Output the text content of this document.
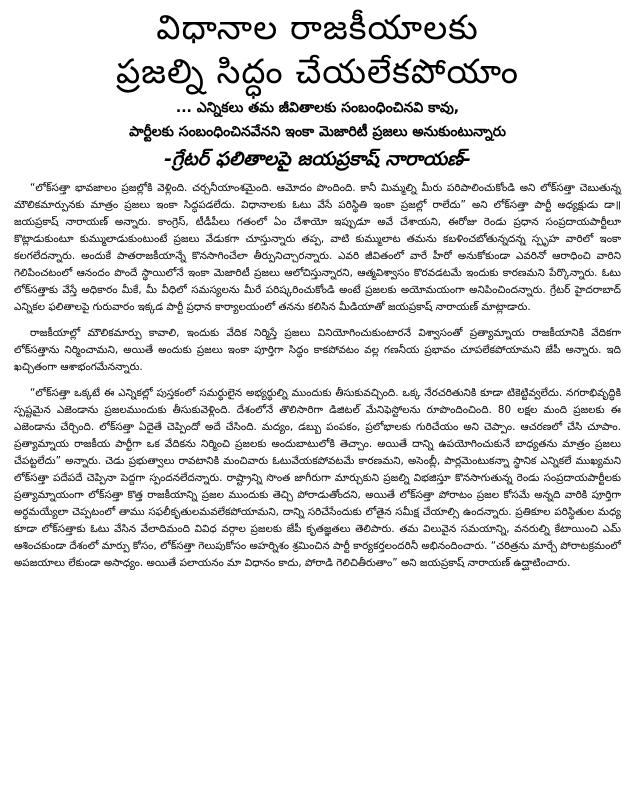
విధానాల రాజకీయాలకు
ప్రజల్ని సిద్ధం చేయలేకపోయాం
... ఎన్నికలు తమ జీవితాలకు సంబంధించినవి కావు,
పార్టీలకు సంబంధించినవేనని ఇంకా మెజారిటీ ప్రజలు అనుకుంటున్నారు
-గ్రేటర్ ఫలితాలపై జయప్రకాష్ నారాయణ్-

“లోక్‌సత్తా భావజాలం ప్రజల్లోకి వెళ్లింది. చర్చనీయాంశమైంది. ఆమోదం పొందింది. కానీ మిమ్మల్ని మీరు పరిపాలించుకోండి అని లోక్‌సత్తా చెబుతున్న మౌలికమార్పునకు మాత్రం ప్రజలు ఇంకా సిద్ధపడలేదు. విధానాలకు ఓటు వేసే పరిస్థితి ఇంకా ప్రజల్లో రాలేదు” అని లోక్‌సత్తా పార్టీ అధ్యక్షుడు డా॥ జయప్రకాష్ నారాయణ్ అన్నారు. కాంగ్రెస్, టీడీపీలు గతంలో ఏం చేశాయో ఇప్పుడూ అవే చేశాయని, ఈరోజు రెండు ప్రధాన సంప్రదాయపార్టీలూ కొట్లాడుకుంటూ కుమ్ములాడుకుంటుంటే ప్రజలు వేడుకగా చూస్తున్నారు తప్ప, వాటి కుమ్ములాట తమను కబళించబోతున్నదన్న స్పృహ వారిలో ఇంకా కలగలేదన్నారు. అందుకే పాతరాజకీయాన్నే కొనసాగించేలా తీర్పునిచ్చారన్నారు. ఎవరి జీవితంలో వారే హీరో అనుకోకుండా ఎవరినో ఆరాధించి వారిని గెలిపించటంలో ఆనందం పొందే స్థాయిలోనే ఇంకా మెజారిటీ ప్రజలు ఆలోచిస్తున్నారని, ఆత్మవిశ్వాసం కొరవడటమే ఇందుకు కారణమని పేర్కొన్నారు. ఓటు లోక్‌సత్తాకు వేస్తే అధికారం మీకే, మీ వీధిలో సమస్యలను మీరే పరిష్కరించుకోండి అంటే ప్రజలకు అయోమయంగా అనిపించిందన్నారు. గ్రేటర్ హైదరాబాద్ ఎన్నికల ఫలితాలపై గురువారం ఇక్కడ పార్టీ ప్రధాన కార్యాలయంలో తనను కలిసిన మీడియాతో జయప్రకాష్ నారాయణ్ మాట్లాడారు.

రాజకీయాల్లో మౌలికమార్పు కావాలి, ఇందుకు వేదిక నిర్మిస్తే ప్రజలు వినియోగించుకుంటారనే విశ్వాసంతో ప్రత్యామ్నాయ రాజకీయానికి వేదికగా లోక్‌సత్తాను నిర్మించామని, అయితే అందుకు ప్రజలు ఇంకా పూర్తిగా సిద్ధం కాకపోవటం వల్ల గణనీయ ప్రభావం చూపలేకపోయామని జేపీ అన్నారు. ఇది ఖచ్చితంగా ఆశాభంగమేనన్నారు.

“లోక్‌సత్తా ఒక్కటే ఈ ఎన్నికల్లో పుస్తకంలో సమర్థులైన అభ్యర్థుల్ని ముందుకు తీసుకువచ్చింది. ఒక్క నేరచరితునికి కూడా టికెట్టివ్వలేదు. నగరాభివృద్ధికి స్పష్టమైన ఎజెండాను ప్రజలముందుకు తీసుకువెళ్లింది. దేశంలోనే తొలిసారిగా డిజిటల్ మేనిఫెస్టోలను రూపొందించింది. 80 లక్షల మంది ప్రజలకు ఈ ఎజెండాను చేర్చింది. లోక్‌సత్తా ఏదైతే చెప్పిందో అదే చేసింది. మద్యం, డబ్బు పంపకం, ప్రలోభాలకు గురిచేయం అని చెప్పాం. ఆచరణలో చేసి చూపాం. ప్రత్యామ్నాయ రాజకీయ పార్టీగా ఒక వేదికను నిర్మించి ప్రజలకు అందుబాటులోకి తెచ్చాం. అయితే దాన్ని ఉపయోగించుకునే బాధ్యతను మాత్రం ప్రజలు చేపట్టలేదు” అన్నారు. చెడు ప్రభుత్వాలు రావటానికి మంచివారు ఓటువేయకపోవటమే కారణమని, అసెంబ్లీ, పార్లమెంటుకన్నా స్థానిక ఎన్నికలే ముఖ్యమని లోక్‌సత్తా పదేపదే చెప్పినా పెద్దగా స్పందనలేదన్నారు. రాష్ట్రాన్ని సొంత జాగీరుగా మార్చుకుని ప్రజల్ని విభజిస్తూ కొనసాగుతున్న రెండు సంప్రదాయపార్టీలకు ప్రత్యామ్నాయంగా లోక్‌సత్తా కొత్త రాజకీయాన్ని ప్రజల ముందుకు తెచ్చి పోరాడుతోందని, అయితే లోక్‌సత్తా పోరాటం ప్రజల కోసమే అన్నది వారికి పూర్తిగా అర్థమయ్యేలా చెప్పటంలో తాము సఫలీకృతులమవలేకపోయామని, దాన్ని సరిచేసేందుకు లోతైన సమీక్ష చేయాల్సి ఉందన్నారు. ప్రతికూల పరిస్థితుల మధ్య కూడా లోక్‌సత్తాకు ఓటు వేసిన వేలాదిమంది వివిధ వర్గాల ప్రజలకు జేపీ కృతజ్ఞతలు తెలిపారు. తమ విలువైన సమయాన్ని, వనరుల్ని కేటాయించి ఎమ్ ఆశించకుండా దేశంలో మార్పు కోసం, లోక్‌సత్తా గెలుపుకోసం అహర్నిశం శ్రమించిన పార్టీ కార్యకర్తలందరినీ అభినందించారు. “చరిత్రను మార్చే పోరాటక్రమంలో అపజయాలు లేకుండా అసాధ్యం. అయితే పలాయనం మా విధానం కాదు, పోరాడి గెలిచితీరుతాం” అని జయప్రకాష్ నారాయణ్ ఉద్ఘాటించారు.
